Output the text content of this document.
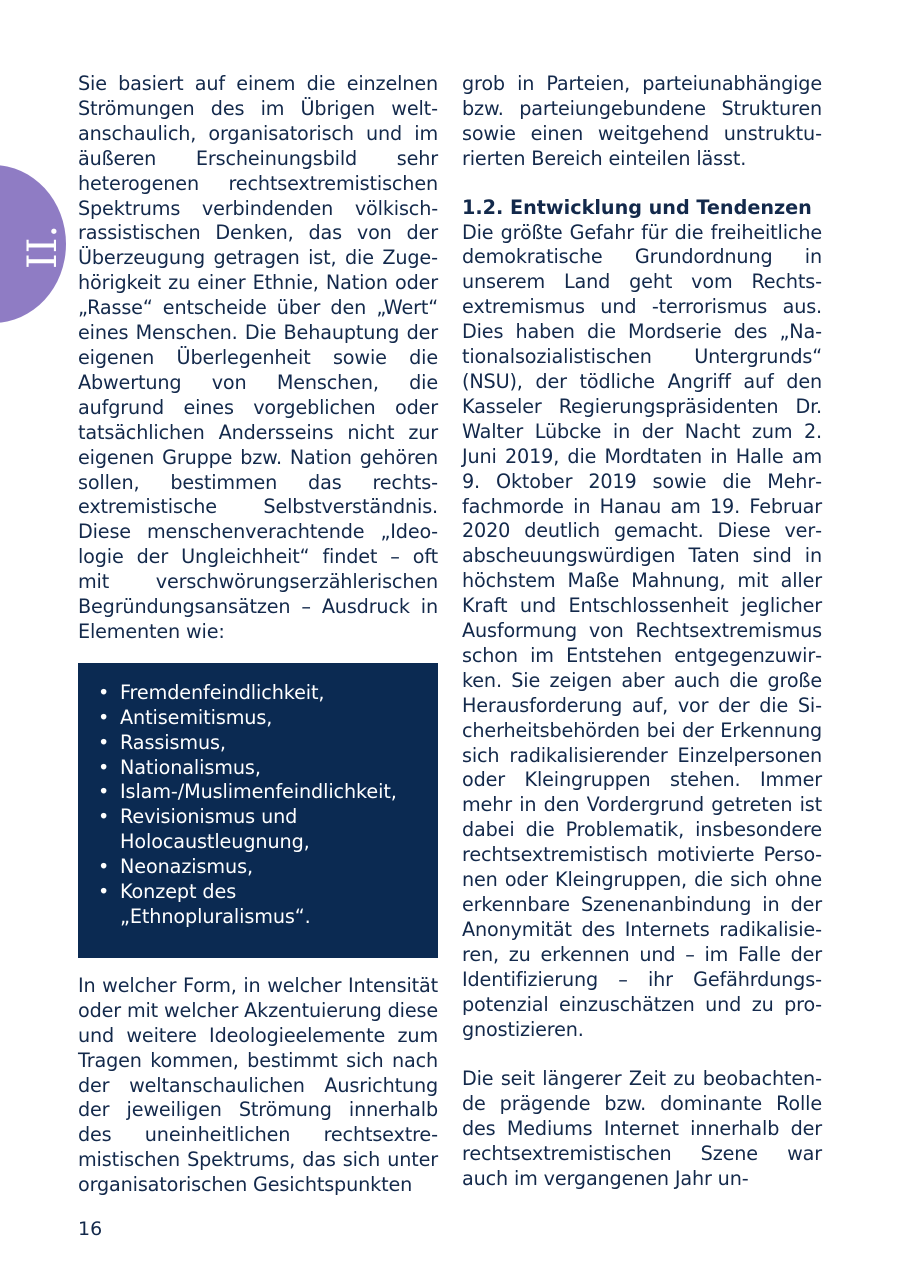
II.

Sie basiert auf einem die einzelnen Strömungen des im Übrigen weltanschaulich, organisatorisch und im äußeren Erscheinungsbild sehr heterogenen rechtsextremistischen Spektrums verbindenden völkisch-rassistischen Denken, das von der Überzeugung getragen ist, die Zugehörigkeit zu einer Ethnie, Nation oder „Rasse“ entscheide über den „Wert“ eines Menschen. Die Behauptung der eigenen Überlegenheit sowie die Abwertung von Menschen, die aufgrund eines vorgeblichen oder tatsächlichen Andersseins nicht zur eigenen Gruppe bzw. Nation gehören sollen, bestimmen das rechtsextremistische Selbstverständnis. Diese menschenverachtende „Ideologie der Ungleichheit“ findet – oft mit verschwörungserzählerischen Begründungsansätzen – Ausdruck in Elementen wie:

• Fremdenfeindlichkeit,
• Antisemitismus,
• Rassismus,
• Nationalismus,
• Islam-/Muslimenfeindlichkeit,
• Revisionismus und Holocaustleugnung,
• Neonazismus,
• Konzept des „Ethnopluralismus“.

In welcher Form, in welcher Intensität oder mit welcher Akzentuierung diese und weitere Ideologieelemente zum Tragen kommen, bestimmt sich nach der weltanschaulichen Ausrichtung der jeweiligen Strömung innerhalb des uneinheitlichen rechtsextremistischen Spektrums, das sich unter organisatorischen Gesichtspunkten

grob in Parteien, parteiunabhängige bzw. parteiungebundene Strukturen sowie einen weitgehend unstrukturierten Bereich einteilen lässt.

1.2. Entwicklung und Tendenzen

Die größte Gefahr für die freiheitliche demokratische Grundordnung in unserem Land geht vom Rechtsextremismus und -terrorismus aus. Dies haben die Mordserie des „Nationalsozialistischen Untergrunds“ (NSU), der tödliche Angriff auf den Kasseler Regierungspräsidenten Dr. Walter Lübcke in der Nacht zum 2. Juni 2019, die Mordtaten in Halle am 9. Oktober 2019 sowie die Mehrfachmorde in Hanau am 19. Februar 2020 deutlich gemacht. Diese verabscheuungswürdigen Taten sind in höchstem Maße Mahnung, mit aller Kraft und Entschlossenheit jeglicher Ausformung von Rechtsextremismus schon im Entstehen entgegenzuwirken. Sie zeigen aber auch die große Herausforderung auf, vor der die Sicherheitsbehörden bei der Erkennung sich radikalisierender Einzelpersonen oder Kleingruppen stehen. Immer mehr in den Vordergrund getreten ist dabei die Problematik, insbesondere rechtsextremistisch motivierte Personen oder Kleingruppen, die sich ohne erkennbare Szenenanbindung in der Anonymität des Internets radikalisieren, zu erkennen und – im Falle der Identifizierung – ihr Gefährdungspotenzial einzuschätzen und zu prognostizieren.

Die seit längerer Zeit zu beobachtende prägende bzw. dominante Rolle des Mediums Internet innerhalb der rechtsextremistischen Szene war auch im vergangenen Jahr un-

16
